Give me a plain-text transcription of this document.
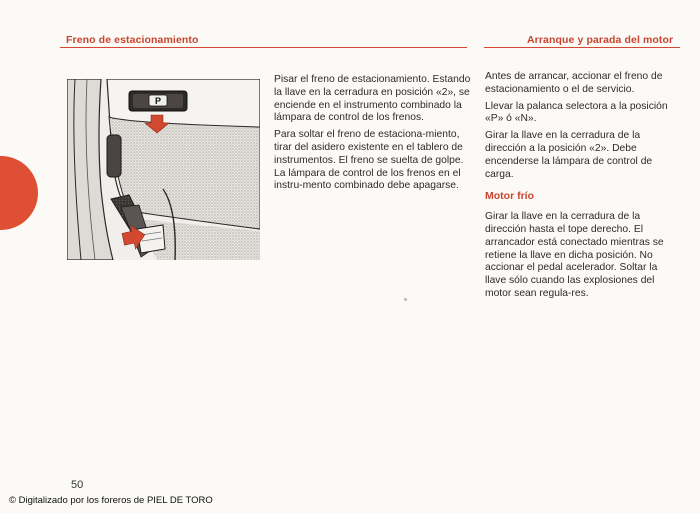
Freno de estacionamiento	Arranque y parada del motor
P

Pisar el freno de estacionamiento. Estando la llave en la cerradura en posición «2», se enciende en el instrumento combinado la lámpara de control de los frenos.

Para soltar el freno de estaciona-miento, tirar del asidero existente en el tablero de instrumentos. El freno se suelta de golpe. La lámpara de control de los frenos en el instru-mento combinado debe apagarse.

Antes de arrancar, accionar el freno de estacionamiento o el de servicio.

Llevar la palanca selectora a la posición «P» ó «N».

Girar la llave en la cerradura de la dirección a la posición «2». Debe encenderse la lámpara de control de carga.

Motor frío

Girar la llave en la cerradura de la dirección hasta el tope derecho. El arrancador está conectado mientras se retiene la llave en dicha posición. No accionar el pedal acelerador. Soltar la llave sólo cuando las explosiones del motor sean regula-res.

50
© Digitalizado por los foreros de PIEL DE TORO
